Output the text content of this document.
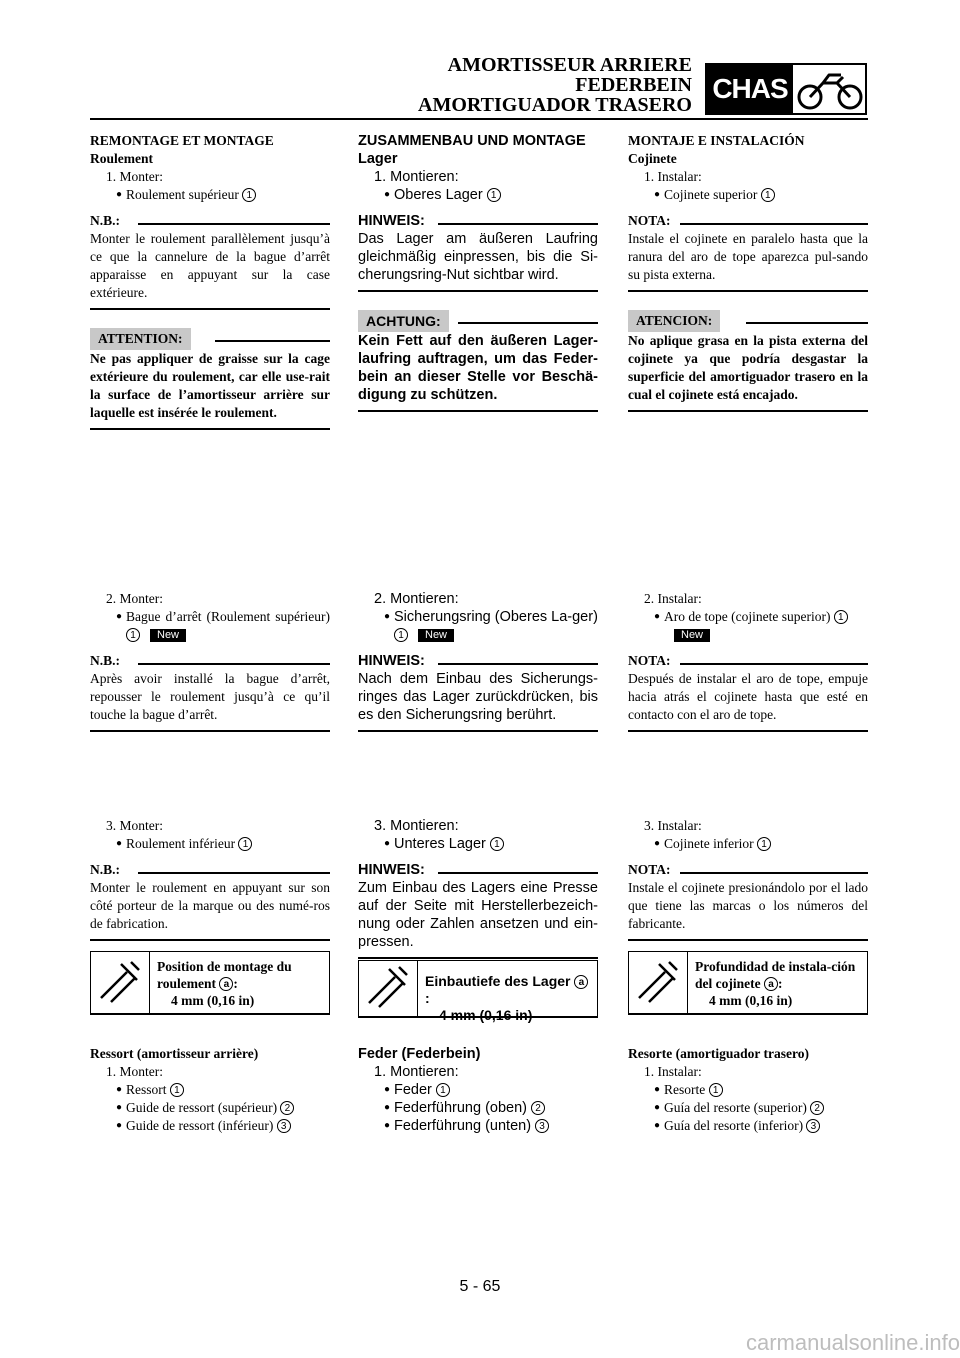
AMORTISSEUR ARRIERE
FEDERBEIN
AMORTIGUADOR TRASERO
CHAS

REMONTAGE ET MONTAGE

Roulement

1. Monter:

● Roulement supérieur 1

N.B.:

Monter le roulement parallèlement jusqu’à ce que la cannelure de la bague d’arrêt apparaisse en appuyant sur la case extérieure.

ATTENTION:

Ne pas appliquer de graisse sur la cage extérieure du roulement, car elle use-rait la surface de l’amortisseur arrière sur laquelle est insérée le roulement.

2. Monter:

● Bague d’arrêt (Roulement supérieur) 1 New

N.B.:

Après avoir installé la bague d’arrêt, repousser le roulement jusqu’à ce qu’il touche la bague d’arrêt.

3. Monter:

● Roulement inférieur 1

N.B.:

Monter le roulement en appuyant sur son côté porteur de la marque ou des numé-ros de fabrication.

Position de montage du roulement a :
4 mm (0,16 in)

Ressort (amortisseur arrière)

1. Monter:

● Ressort 1

● Guide de ressort (supérieur) 2

● Guide de ressort (inférieur) 3

ZUSAMMENBAU UND MONTAGE

Lager

1. Montieren:

● Oberes Lager 1

HINWEIS:

Das Lager am äußeren Laufring gleichmäßig einpressen, bis die Si-cherungsring-Nut sichtbar wird.

ACHTUNG:

Kein Fett auf den äußeren Lager-laufring auftragen, um das Feder-bein an dieser Stelle vor Beschä-digung zu schützen.

2. Montieren:

● Sicherungsring (Oberes La-ger) 1 New

HINWEIS:

Nach dem Einbau des Sicherungs-ringes das Lager zurückdrücken, bis es den Sicherungsring berührt.

3. Montieren:

● Unteres Lager 1

HINWEIS:

Zum Einbau des Lagers eine Presse auf der Seite mit Herstellerbezeich-nung oder Zahlen ansetzen und ein-pressen.

Einbautiefe des Lager a:
4 mm (0,16 in)

Feder (Federbein)

1. Montieren:

● Feder 1

● Federführung (oben) 2

● Federführung (unten) 3

MONTAJE E INSTALACIÓN

Cojinete

1. Instalar:

● Cojinete superior 1

NOTA:

Instale el cojinete en paralelo hasta que la ranura del aro de tope aparezca pul-sando su pista externa.

ATENCION:

No aplique grasa en la pista externa del cojinete ya que podría desgastar la superficie del amortiguador trasero en la cual el cojinete está encajado.

2. Instalar:

● Aro de tope (cojinete superior) 1New

NOTA:

Después de instalar el aro de tope, empuje hacia atrás el cojinete hasta que esté en contacto con el aro de tope.

3. Instalar:

● Cojinete inferior 1

NOTA:

Instale el cojinete presionándolo por el lado que tiene las marcas o los números del fabricante.

Profundidad de instala-ción del cojinete a :
4 mm (0,16 in)

Resorte (amortiguador trasero)

1. Instalar:

● Resorte 1

● Guía del resorte (superior) 2

● Guía del resorte (inferior) 3

5 - 65
carmanualsonline.info
